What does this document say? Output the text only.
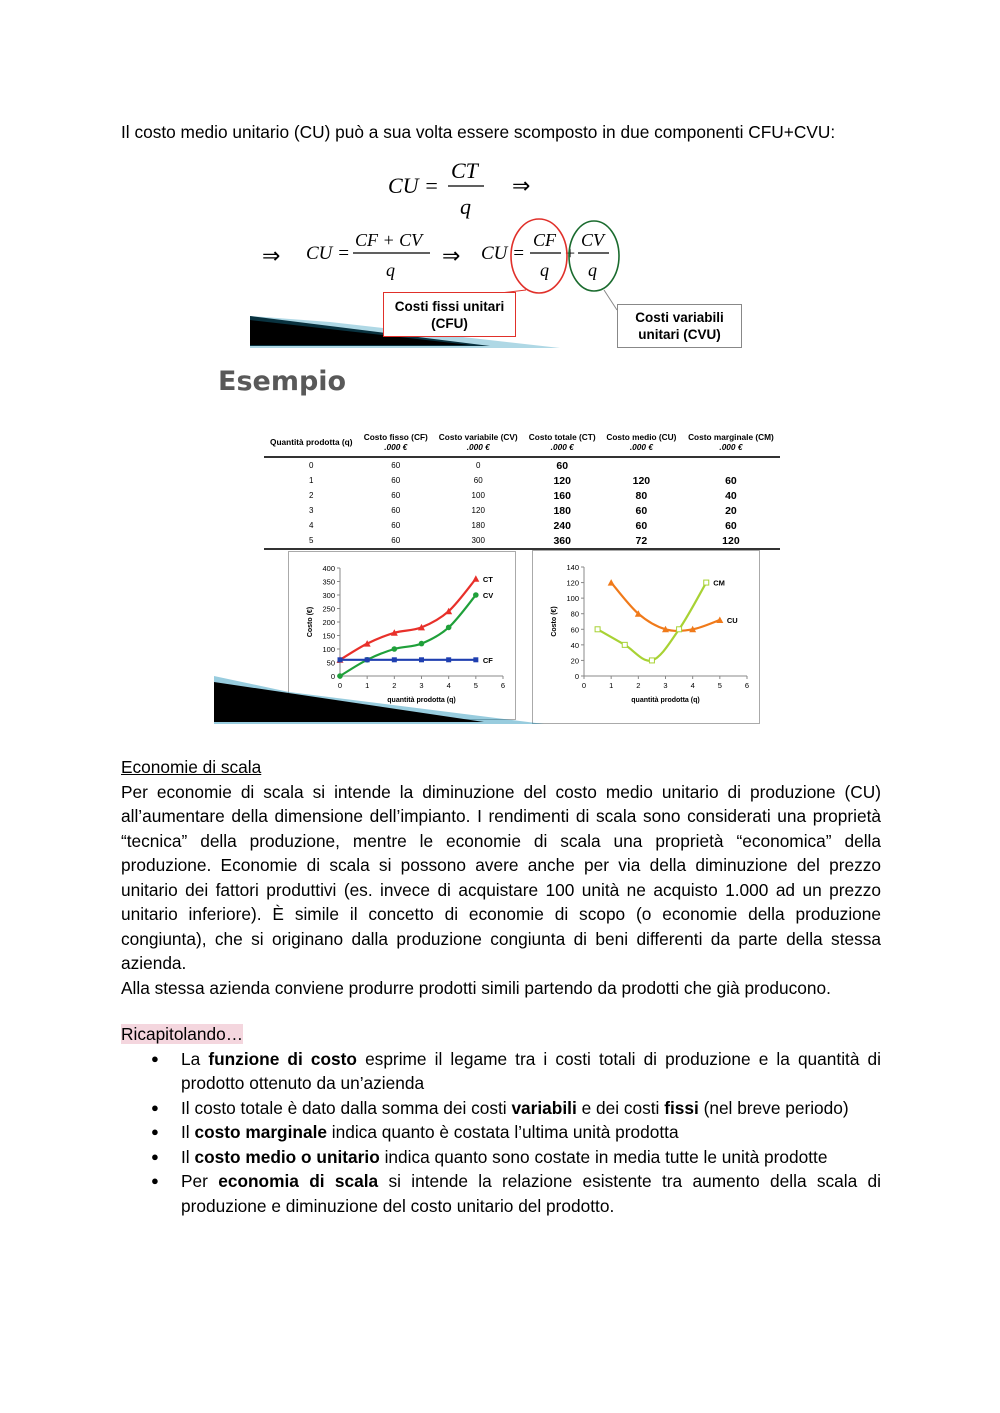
Il costo medio unitario (CU) può a sua volta essere scomposto in due componenti CFU+CVU:
CU =
CT
q
⇒
⇒ CU =
CF + CV
q
⇒ CU =
CF
q
+
CV
q
Costi fissi unitari (CFU)	Costi variabili unitari (CVU)
Esempio
Quantità prodotta (q)	Costo fisso (CF)
.000 €	Costo variabile (CV)
.000 €	Costo totale (CT)
.000 €	Costo medio (CU)
.000 €	Costo marginale (CM)
.000 €

0	60	0	60		
1	60	60	120	120	60
2	60	100	160	80	40
3	60	120	180	60	20
4	60	180	240	60	60
5	60	300	360	72	120
0
50
100
150
200
250
300
350
400
0	1	2	3	4	5	6
quantità prodotta (q)
Costo (€)
CT
CV
CF
0
20
40
60
80
100
120
140
0	1	2	3	4	5	6
quantità prodotta (q)
Costo (€)	CU
CM
Economie di scala
Per economie di scala si intende la diminuzione del costo medio unitario di produzione (CU) all’aumentare della dimensione dell’impianto. I rendimenti di scala sono considerati una proprietà “tecnica” della produzione, mentre le economie di scala una proprietà “economica” della produzione. Economie di scala si possono avere anche per via della diminuzione del prezzo unitario dei fattori produttivi (es. invece di acquistare 100 unità ne acquisto 1.000 ad un prezzo unitario inferiore). È simile il concetto di economie di scopo (o economie della produzione congiunta), che si originano dalla produzione congiunta di beni differenti da parte della stessa azienda.
Alla stessa azienda conviene produrre prodotti simili partendo da prodotti che già producono.
Ricapitolando…
● La funzione di costo esprime il legame tra i costi totali di produzione e la quantità di prodotto ottenuto da un’azienda
● Il costo totale è dato dalla somma dei costi variabili e dei costi fissi (nel breve periodo)
● Il costo marginale indica quanto è costata l’ultima unità prodotta
● Il costo medio o unitario indica quanto sono costate in media tutte le unità prodotte
● Per economia di scala si intende la relazione esistente tra aumento della scala di produzione e diminuzione del costo unitario del prodotto.
